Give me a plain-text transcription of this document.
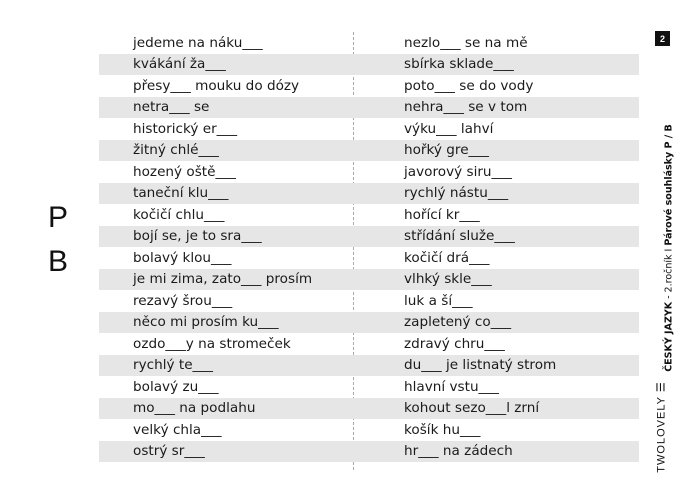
P
B
jedeme na náku___	nezlo___ se na mě
kvákání ža___	sbírka sklade___
přesy___ mouku do dózy	poto___ se do vody
netra___ se	nehra___ se v tom
historický er___	výku___ lahví
žitný chlé___	hořký gre___
hozený oště___	javorový siru___
taneční klu___	rychlý nástu___
kočičí chlu___	hořící kr___
bojí se, je to sra___	střídání služe___
bolavý klou___	kočičí drá___
je mi zima, zato___ prosím	vlhký skle___
rezavý šrou___	luk a ší___
něco mi prosím ku___	zapletený co___
ozdo___y na stromeček	zdravý chru___
rychlý te___	du___ je listnatý strom
bolavý zu___	hlavní vstu___
mo___ na podlahu	kohout sezo___l zrní
velký chla___	košík hu___
ostrý sr___	hr___ na zádech
2
ČESKÝ JAZYK - 2.ročník I Párové souhlásky P / B
TWOLOVELY ☰
